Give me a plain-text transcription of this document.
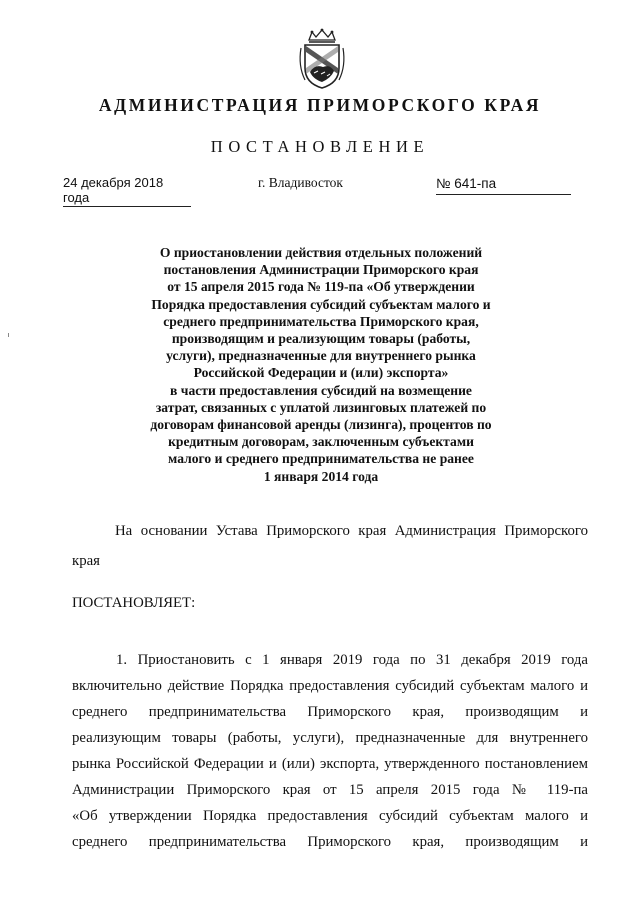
АДМИНИСТРАЦИЯ ПРИМОРСКОГО КРАЯ
ПОСТАНОВЛЕНИЕ
24 декабря 2018 года
г. Владивосток	№ 641-па
О приостановлении действия отдельных положений
постановления Администрации Приморского края
от 15 апреля 2015 года № 119-па «Об утверждении
Порядка предоставления субсидий субъектам малого и
среднего предпринимательства Приморского края,
производящим и реализующим товары (работы,
услуги), предназначенные для внутреннего рынка
Российской Федерации и (или) экспорта»
в части предоставления субсидий на возмещение
затрат, связанных с уплатой лизинговых платежей по
договорам финансовой аренды (лизинга), процентов по
кредитным договорам, заключенным субъектами
малого и среднего предпринимательства не ранее
1 января 2014 года
На основании Устава Приморского края Администрация Приморского
края
ПОСТАНОВЛЯЕТ:
1. Приостановить с 1 января 2019 года по 31 декабря 2019 года
включительно действие Порядка предоставления субсидий субъектам малого и
среднего предпринимательства Приморского края, производящим и
реализующим товары (работы, услуги), предназначенные для внутреннего
рынка Российской Федерации и (или) экспорта, утвержденного постановлением
Администрации Приморского края от 15 апреля 2015 года № 119-па
«Об утверждении Порядка предоставления субсидий субъектам малого и
среднего предпринимательства Приморского края, производящим и
